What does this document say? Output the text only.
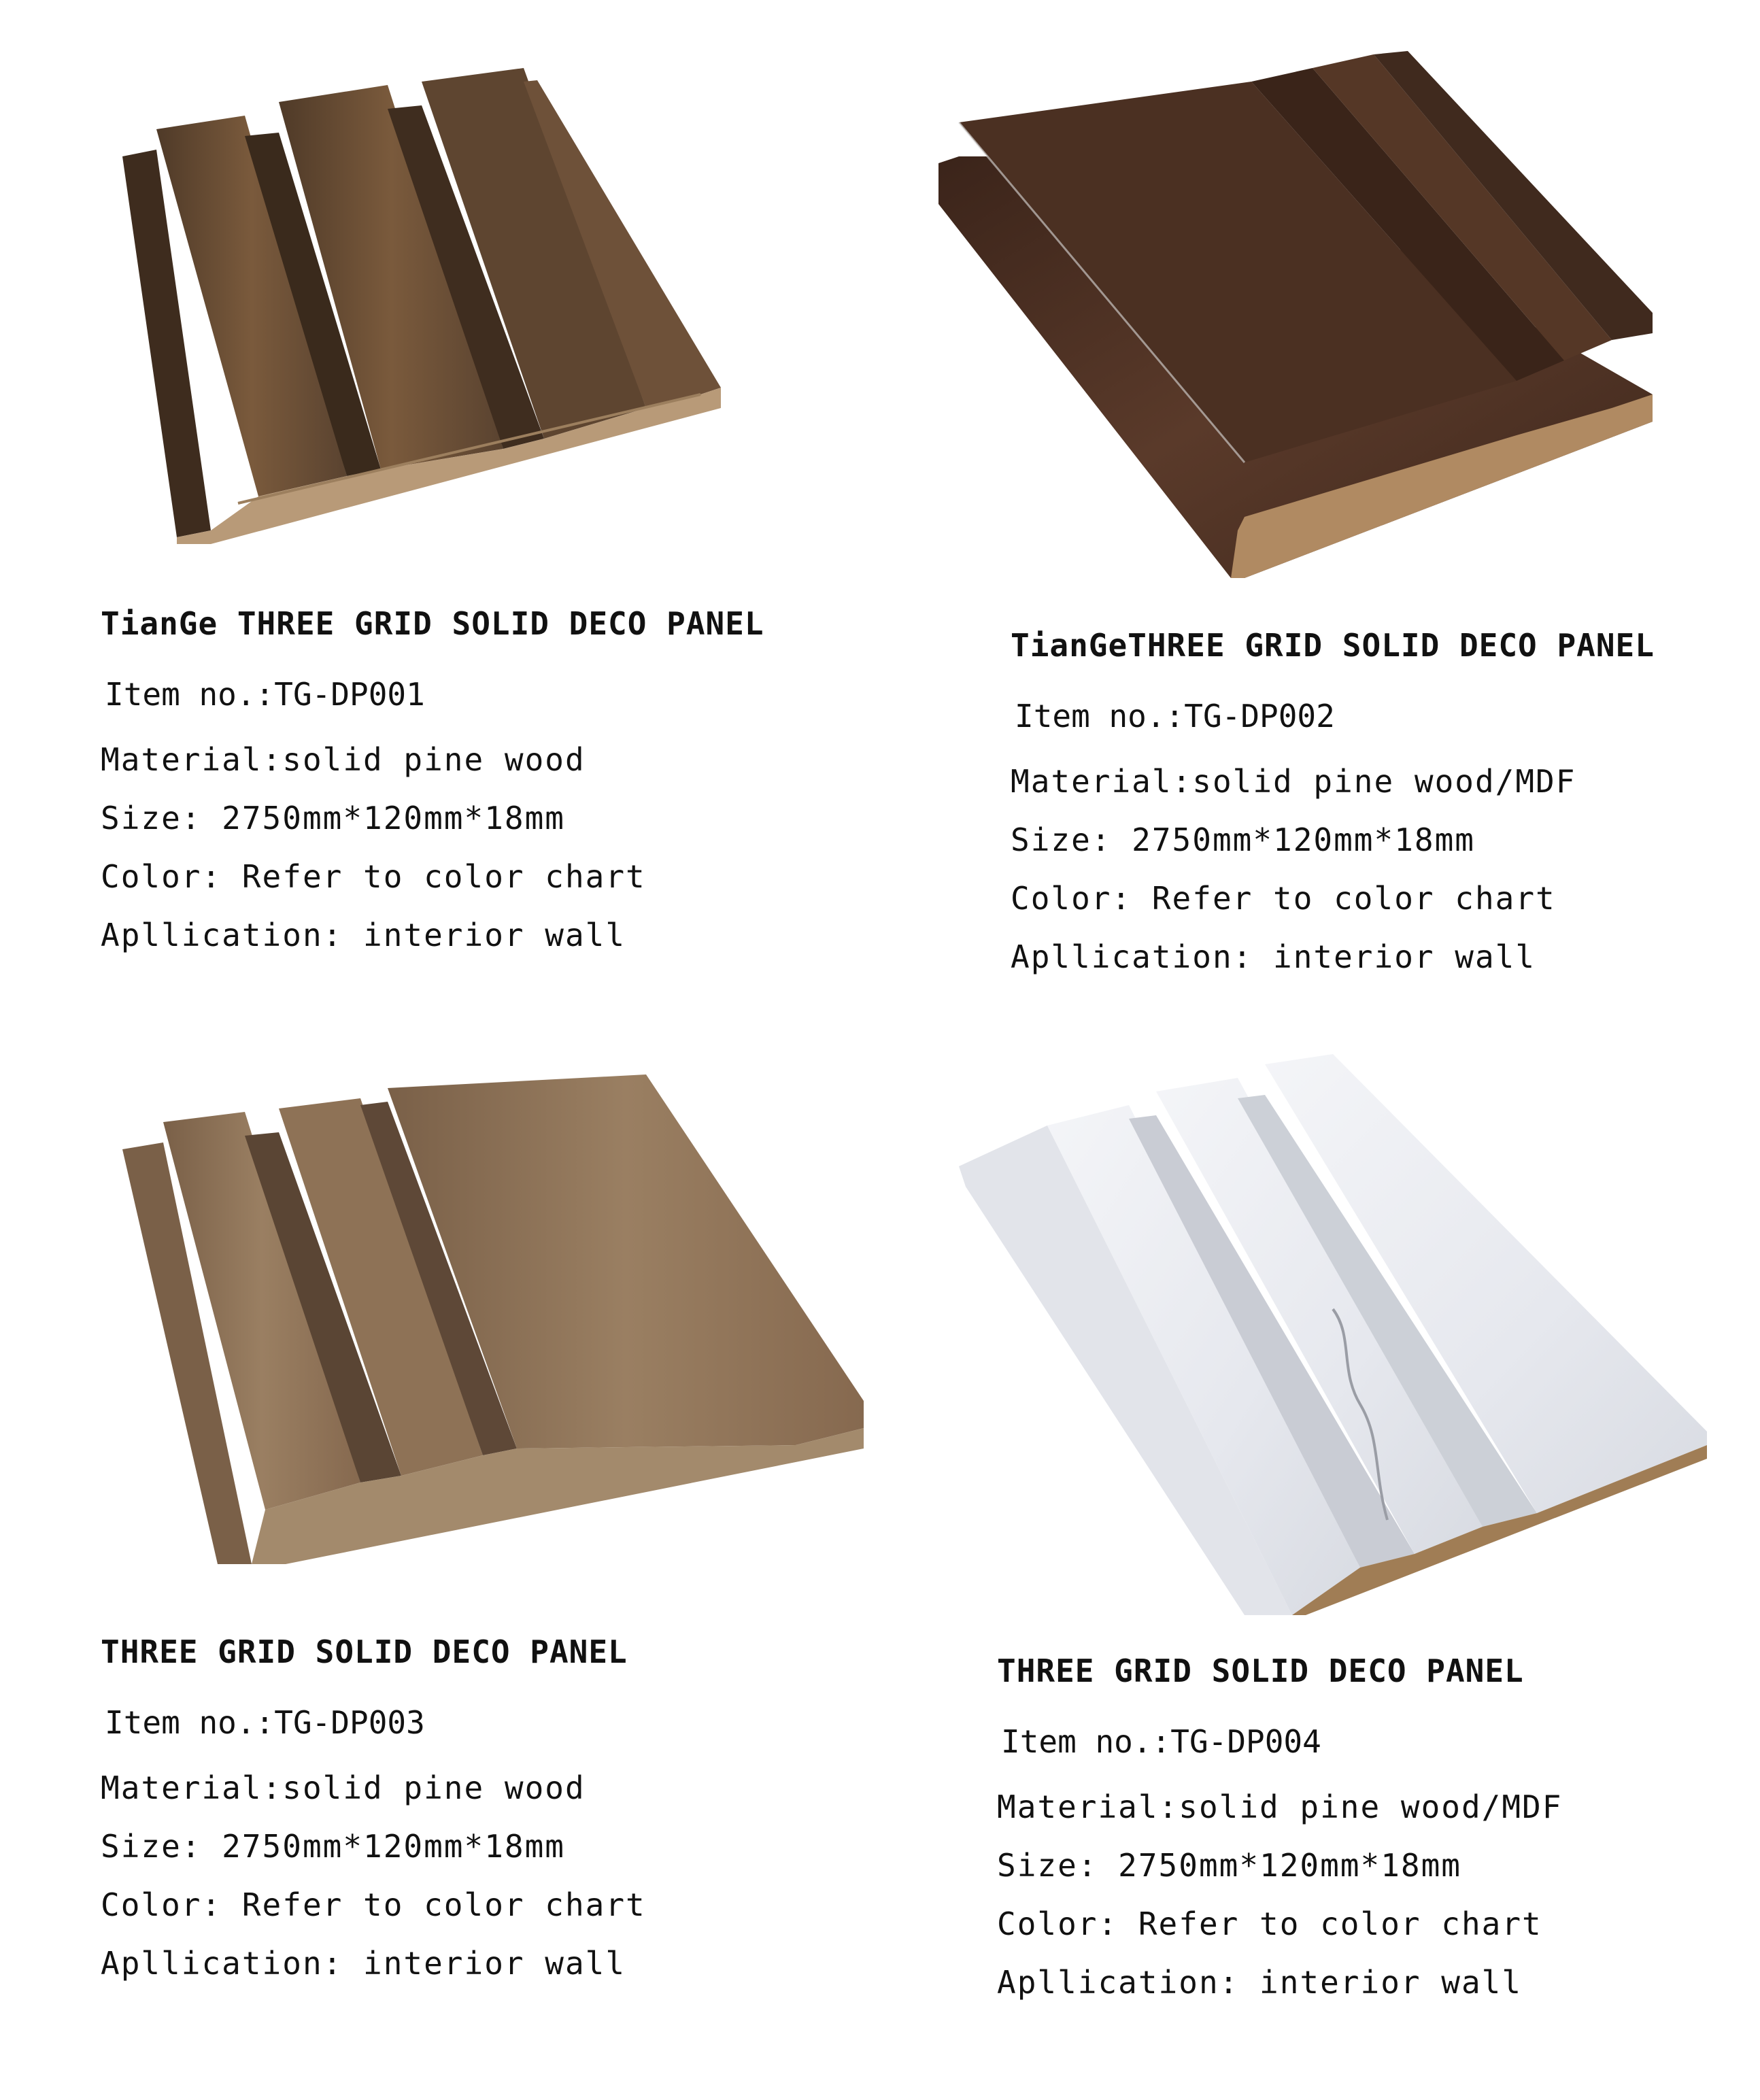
TianGe THREE GRID SOLID DECO PANEL

Item no.:TG-DP001

Material:solid pine wood

Size: 2750mm*120mm*18mm

Color: Refer to color chart

Apllication: interior wall

TianGeTHREE GRID SOLID DECO PANEL

Item no.:TG-DP002

Material:solid pine wood/MDF

Size: 2750mm*120mm*18mm

Color: Refer to color chart

Apllication: interior wall

THREE GRID SOLID DECO PANEL

Item no.:TG-DP003

Material:solid pine wood

Size: 2750mm*120mm*18mm

Color: Refer to color chart

Apllication: interior wall

THREE GRID SOLID DECO PANEL

Item no.:TG-DP004

Material:solid pine wood/MDF

Size: 2750mm*120mm*18mm

Color: Refer to color chart

Apllication: interior wall
